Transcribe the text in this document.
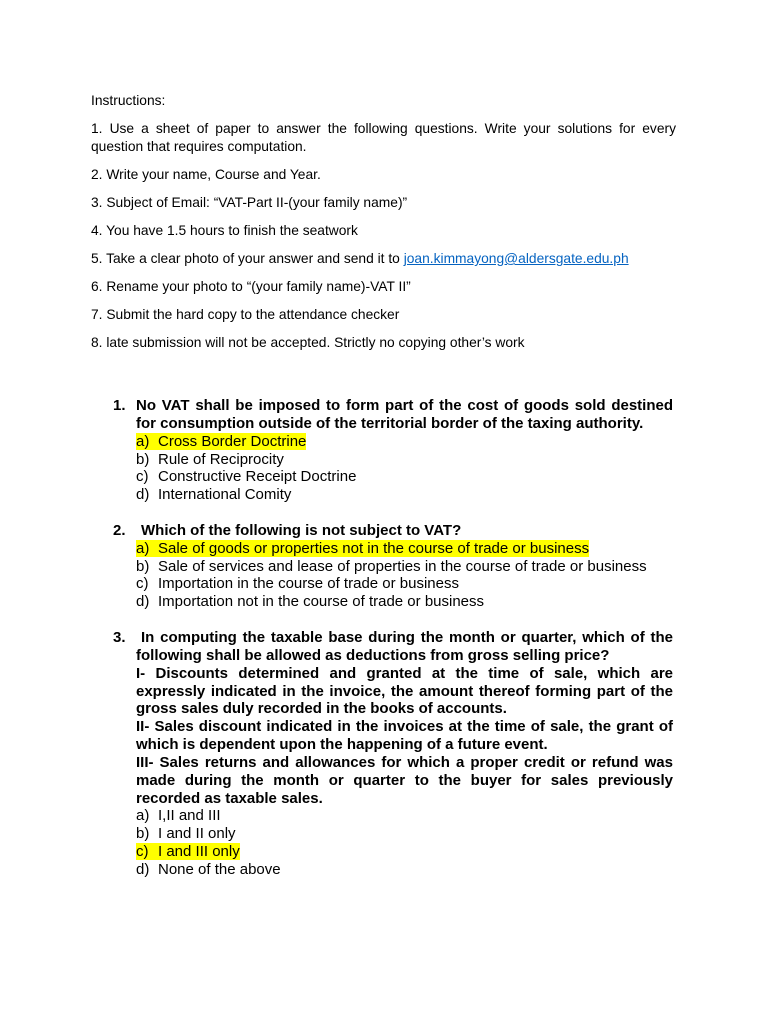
Instructions:

1. Use a sheet of paper to answer the following questions. Write your solutions for every question that requires computation.

2. Write your name, Course and Year.

3. Subject of Email: “VAT-Part II-(your family name)”

4. You have 1.5 hours to finish the seatwork

5. Take a clear photo of your answer and send it to joan.kimmayong@aldersgate.edu.ph

6. Rename your photo to “(your family name)-VAT II”

7. Submit the hard copy to the attendance checker

8. late submission will not be accepted. Strictly no copying other’s work

1. No VAT shall be imposed to form part of the cost of goods sold destined for consumption outside of the territorial border of the taxing authority.
a) Cross Border Doctrine
b) Rule of Reciprocity
c) Constructive Receipt Doctrine
d) International Comity
2.	Which of the following is not subject to VAT?
a) Sale of goods or properties not in the course of trade or business
b) Sale of services and lease of properties in the course of trade or business
c) Importation in the course of trade or business
d) Importation not in the course of trade or business
3.	In computing the taxable base during the month or quarter, which of the following shall be allowed as deductions from gross selling price?
I- Discounts determined and granted at the time of sale, which are expressly indicated in the invoice, the amount thereof forming part of the gross sales duly recorded in the books of accounts.
II- Sales discount indicated in the invoices at the time of sale, the grant of which is dependent upon the happening of a future event.
III- Sales returns and allowances for which a proper credit or refund was made during the month or quarter to the buyer for sales previously recorded as taxable sales.
a) I,II and III
b) I and II only
c) I and III only
d) None of the above
